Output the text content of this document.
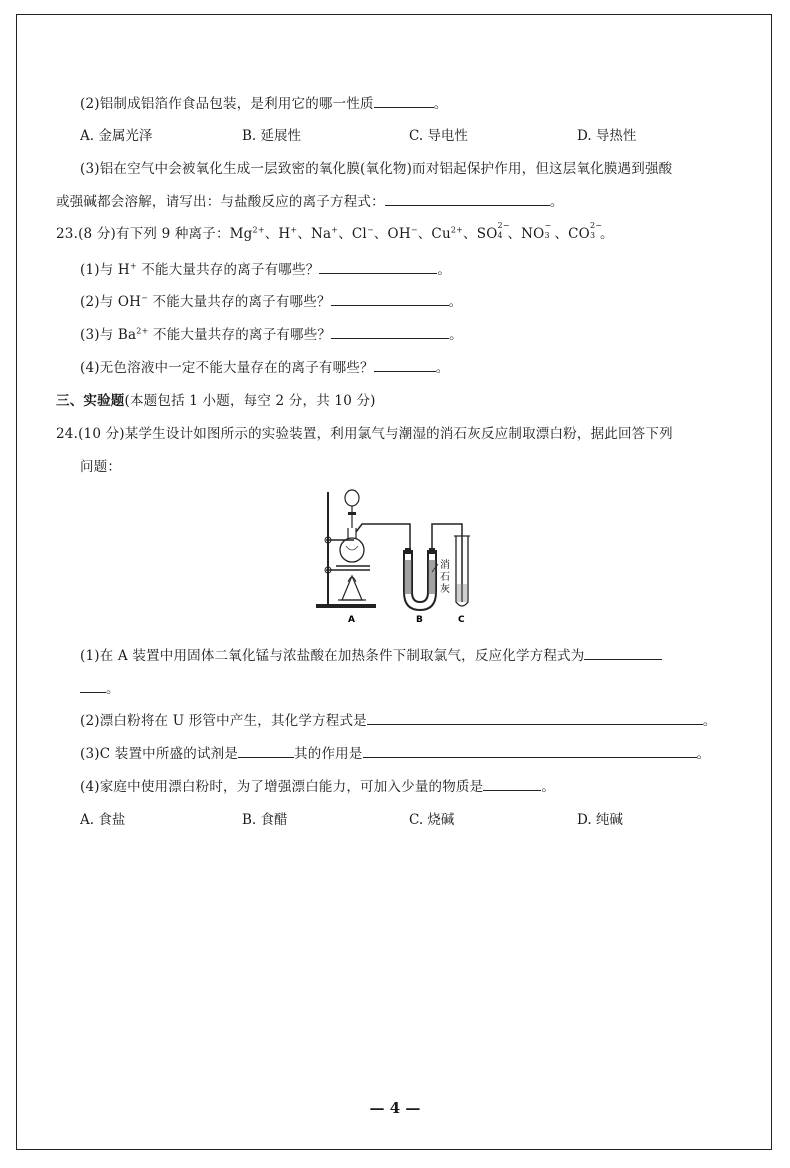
(2)铝制成铝箔作食品包装，是利用它的哪一性质	。
A. 金属光泽	B. 延展性	C. 导电性	D. 导热性
(3)铝在空气中会被氧化生成一层致密的氧化膜(氧化物)而对铝起保护作用，但这层氧化膜遇到强酸
或强碱都会溶解，请写出：与盐酸反应的离子方程式：	。
23.(8 分)有下列 9 种离子：$Mg^{2+}$、H+、Na+、Cl−、OH−、$Cu^{2+}$、SO
2−
4 、NO
−
3 、CO
2−
3 。
(1)与 H+ 不能大量共存的离子有哪些？	。
(2)与 OH− 不能大量共存的离子有哪些？	。
(3)与 $Ba^{2+}$ 不能大量共存的离子有哪些？	。
(4)无色溶液中一定不能大量存在的离子有哪些？	。
三、实验题(本题包括 1 小题，每空 2 分，共 10 分)
24.(10 分)某学生设计如图所示的实验装置，利用氯气与潮湿的消石灰反应制取漂白粉，据此回答下列
问题：
消
石
灰
A	B	C
(1)在 A 装置中用固体二氧化锰与浓盐酸在加热条件下制取氯气，反应化学方程式为
。
(2)漂白粉将在 U 形管中产生，其化学方程式是	。
(3)C 装置中所盛的试剂是	其的作用是	。
(4)家庭中使用漂白粉时，为了增强漂白能力，可加入少量的物质是	。
A. 食盐	B. 食醋	C. 烧碱	D. 纯碱
— 4 —
